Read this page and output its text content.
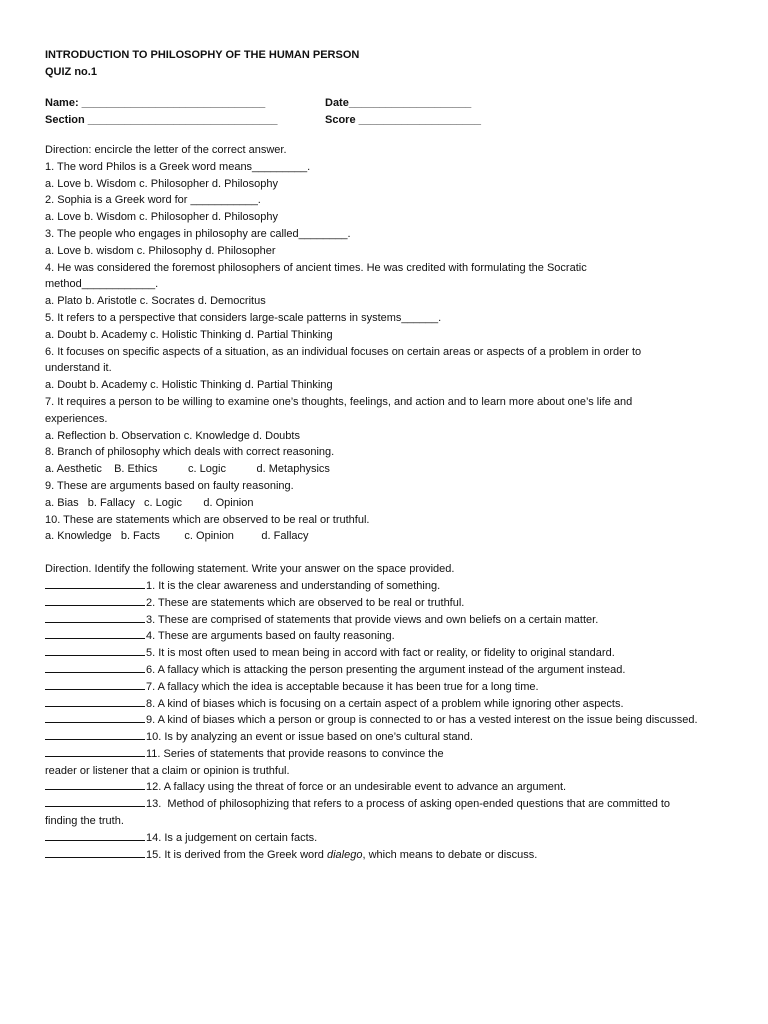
INTRODUCTION TO PHILOSOPHY OF THE HUMAN PERSON
QUIZ no.1
Name: ______________________________	Date____________________
Section _______________________________	Score ____________________
Direction: encircle the letter of the correct answer.
1. The word Philos is a Greek word means_________.
a. Love b. Wisdom c. Philosopher d. Philosophy
2. Sophia is a Greek word for ___________.
a. Love b. Wisdom c. Philosopher d. Philosophy
3. The people who engages in philosophy are called________.
a. Love b. wisdom c. Philosophy d. Philosopher
4. He was considered the foremost philosophers of ancient times. He was credited with formulating the Socratic
method____________.
a. Plato b. Aristotle c. Socrates d. Democritus
5. It refers to a perspective that considers large-scale patterns in systems______.
a. Doubt b. Academy c. Holistic Thinking d. Partial Thinking
6. It focuses on specific aspects of a situation, as an individual focuses on certain areas or aspects of a problem in order to
understand it.
a. Doubt b. Academy c. Holistic Thinking d. Partial Thinking
7. It requires a person to be willing to examine one’s thoughts, feelings, and action and to learn more about one’s life and
experiences.
a. Reflection b. Observation c. Knowledge d. Doubts
8. Branch of philosophy which deals with correct reasoning.
a. Aesthetic    B. Ethics          c. Logic          d. Metaphysics
9. These are arguments based on faulty reasoning.
a. Bias   b. Fallacy   c. Logic       d. Opinion
10. These are statements which are observed to be real or truthful.
a. Knowledge   b. Facts        c. Opinion         d. Fallacy
Direction. Identify the following statement. Write your answer on the space provided.
1. It is the clear awareness and understanding of something.
2. These are statements which are observed to be real or truthful.
3. These are comprised of statements that provide views and own beliefs on a certain matter.
4. These are arguments based on faulty reasoning.
5. It is most often used to mean being in accord with fact or reality, or fidelity to original standard.
6. A fallacy which is attacking the person presenting the argument instead of the argument instead.
7. A fallacy which the idea is acceptable because it has been true for a long time.
8. A kind of biases which is focusing on a certain aspect of a problem while ignoring other aspects.
9. A kind of biases which a person or group is connected to or has a vested interest on the issue being discussed.
10. Is by analyzing an event or issue based on one’s cultural stand.
11. Series of statements that provide reasons to convince the
reader or listener that a claim or opinion is truthful.
12. A fallacy using the threat of force or an undesirable event to advance an argument.
13.  Method of philosophizing that refers to a process of asking open-ended questions that are committed to
finding the truth.
14. Is a judgement on certain facts.
15. It is derived from the Greek word dialego, which means to debate or discuss.
